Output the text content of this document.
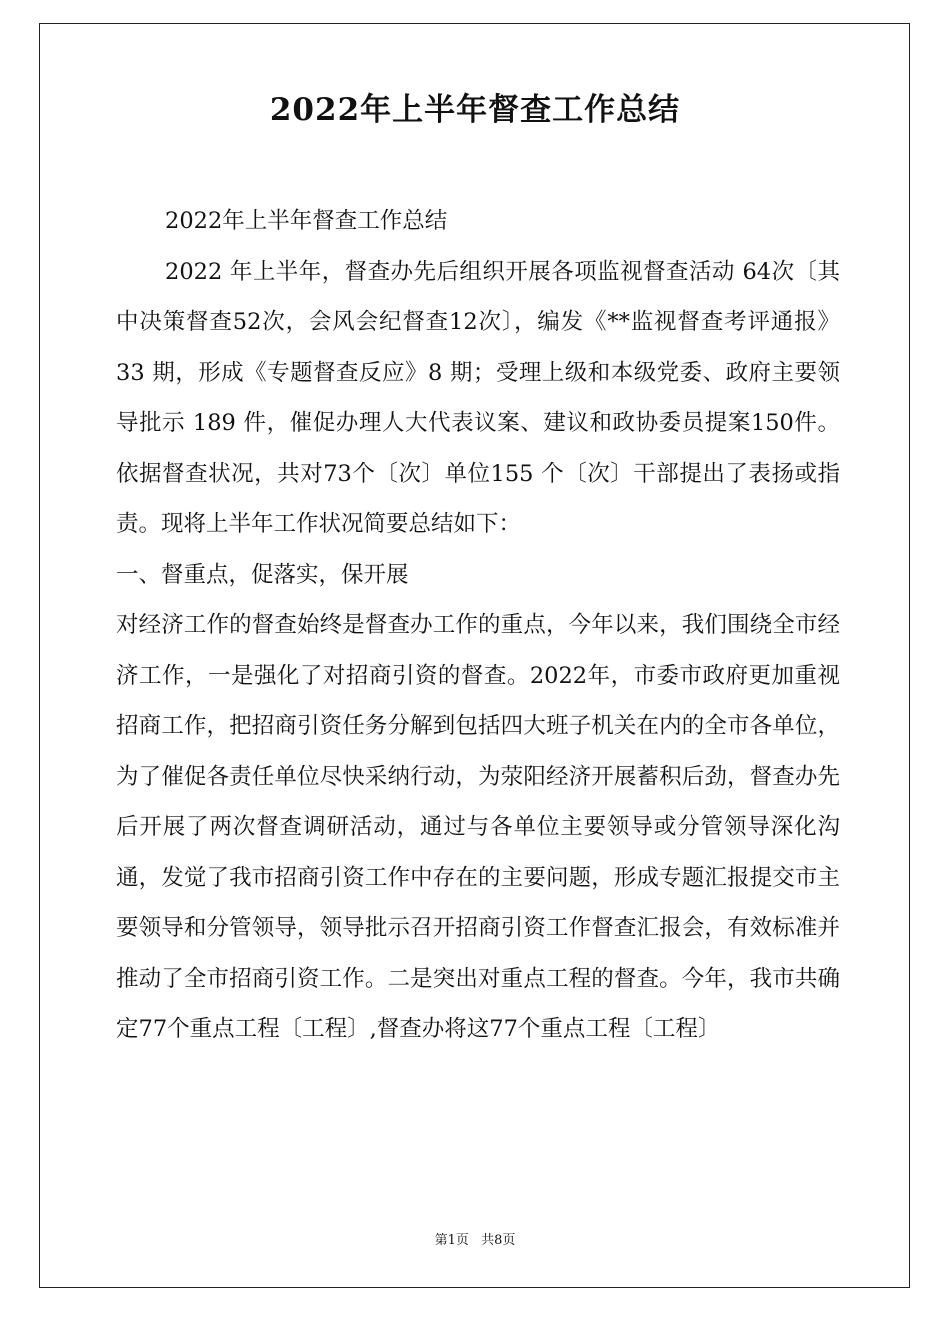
2022年上半年督查工作总结

2022年上半年督查工作总结

2022 年上半年，督查办先后组织开展各项监视督查活动 64次〔其中决策督查52次，会风会纪督查12次〕，编发《**监视督查考评通报》33 期，形成《专题督查反应》8 期；受理上级和本级党委、政府主要领导批示 189 件，催促办理人大代表议案、建议和政协委员提案150件。依据督查状况，共对73个〔次〕单位155 个〔次〕干部提出了表扬或指责。现将上半年工作状况简要总结如下：

一、督重点，促落实，保开展

对经济工作的督查始终是督查办工作的重点，今年以来，我们围绕全市经济工作，一是强化了对招商引资的督查。2022年，市委市政府更加重视招商工作，把招商引资任务分解到包括四大班子机关在内的全市各单位，为了催促各责任单位尽快采纳行动，为荥阳经济开展蓄积后劲，督查办先后开展了两次督查调研活动，通过与各单位主要领导或分管领导深化沟通，发觉了我市招商引资工作中存在的主要问题，形成专题汇报提交市主要领导和分管领导，领导批示召开招商引资工作督查汇报会，有效标准并推动了全市招商引资工作。二是突出对重点工程的督查。今年，我市共确定77个重点工程〔工程〕,督查办将这77个重点工程〔工程〕

第1页 共8页
